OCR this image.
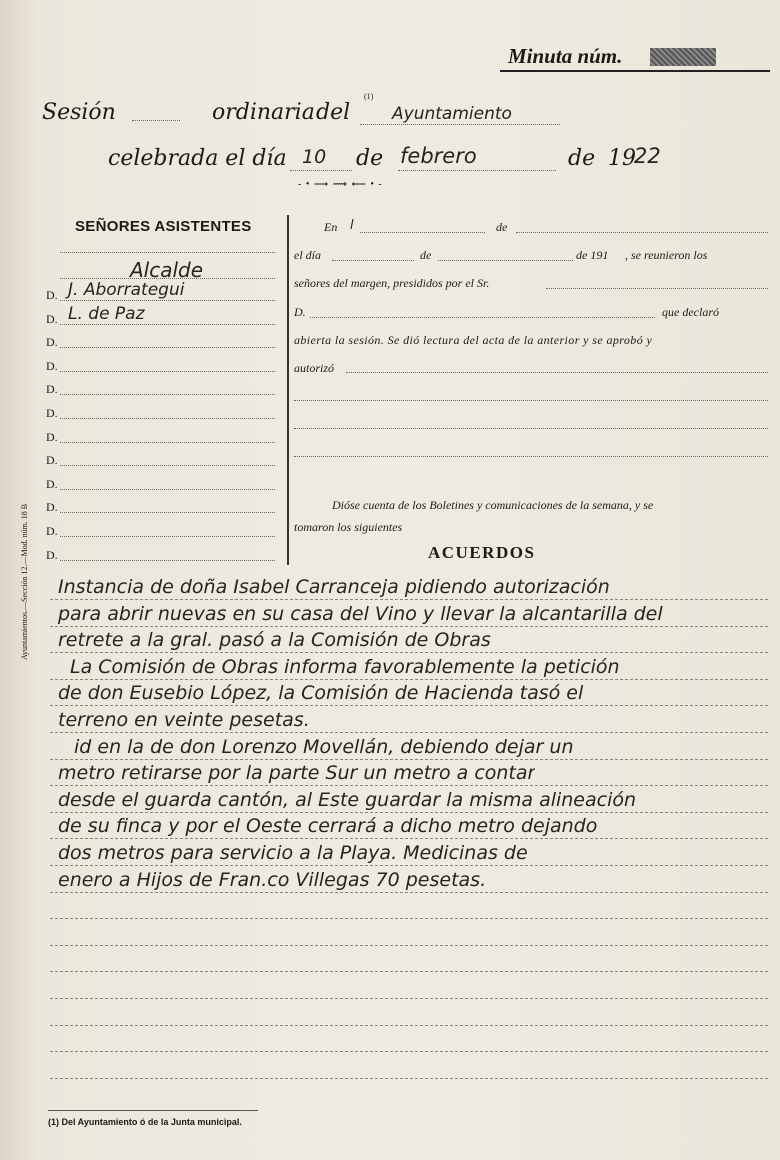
Minuta núm.
Sesión	ordinaria del
(1)
Ayuntamiento
celebrada el día 10 de febrero	de 19
22
- • ⟶ ⟿ ⟵ • -
SEÑORES ASISTENTES
Alcalde
D. J. Aborrategui
D. L. de Paz
D.
D.
D.
D.
D.
D.
D.
D.
D.
D.
En l	de
el día	de	de 191 , se reunieron los
señores del margen, presididos por el Sr.
D.	que declaró
abierta la sesión. Se dió lectura del acta de la anterior y se aprobó y
autorizó
Dióse cuenta de los Boletines y comunicaciones de la semana, y se
tomaron los siguientes
ACUERDOS
Instancia de doña Isabel Carranceja pidiendo autorización
para abrir nuevas en su casa del Vino y llevar la alcantarilla del
retrete a la gral. pasó a la Comisión de Obras
La Comisión de Obras informa favorablemente la petición
de don Eusebio López, la Comisión de Hacienda tasó el
terreno en veinte pesetas.
id en la de don Lorenzo Movellán, debiendo dejar un
metro retirarse por la parte Sur un metro a contar
desde el guarda cantón, al Este guardar la misma alineación
de su finca y por el Oeste cerrará a dicho metro dejando
dos metros para servicio a la Playa. Medicinas de
enero a Hijos de Fran.co Villegas 70 pesetas.
Ayuntamientos.—Sección 12.—Mod. núm. 18 B
(1) Del Ayuntamiento ó de la Junta municipal.
